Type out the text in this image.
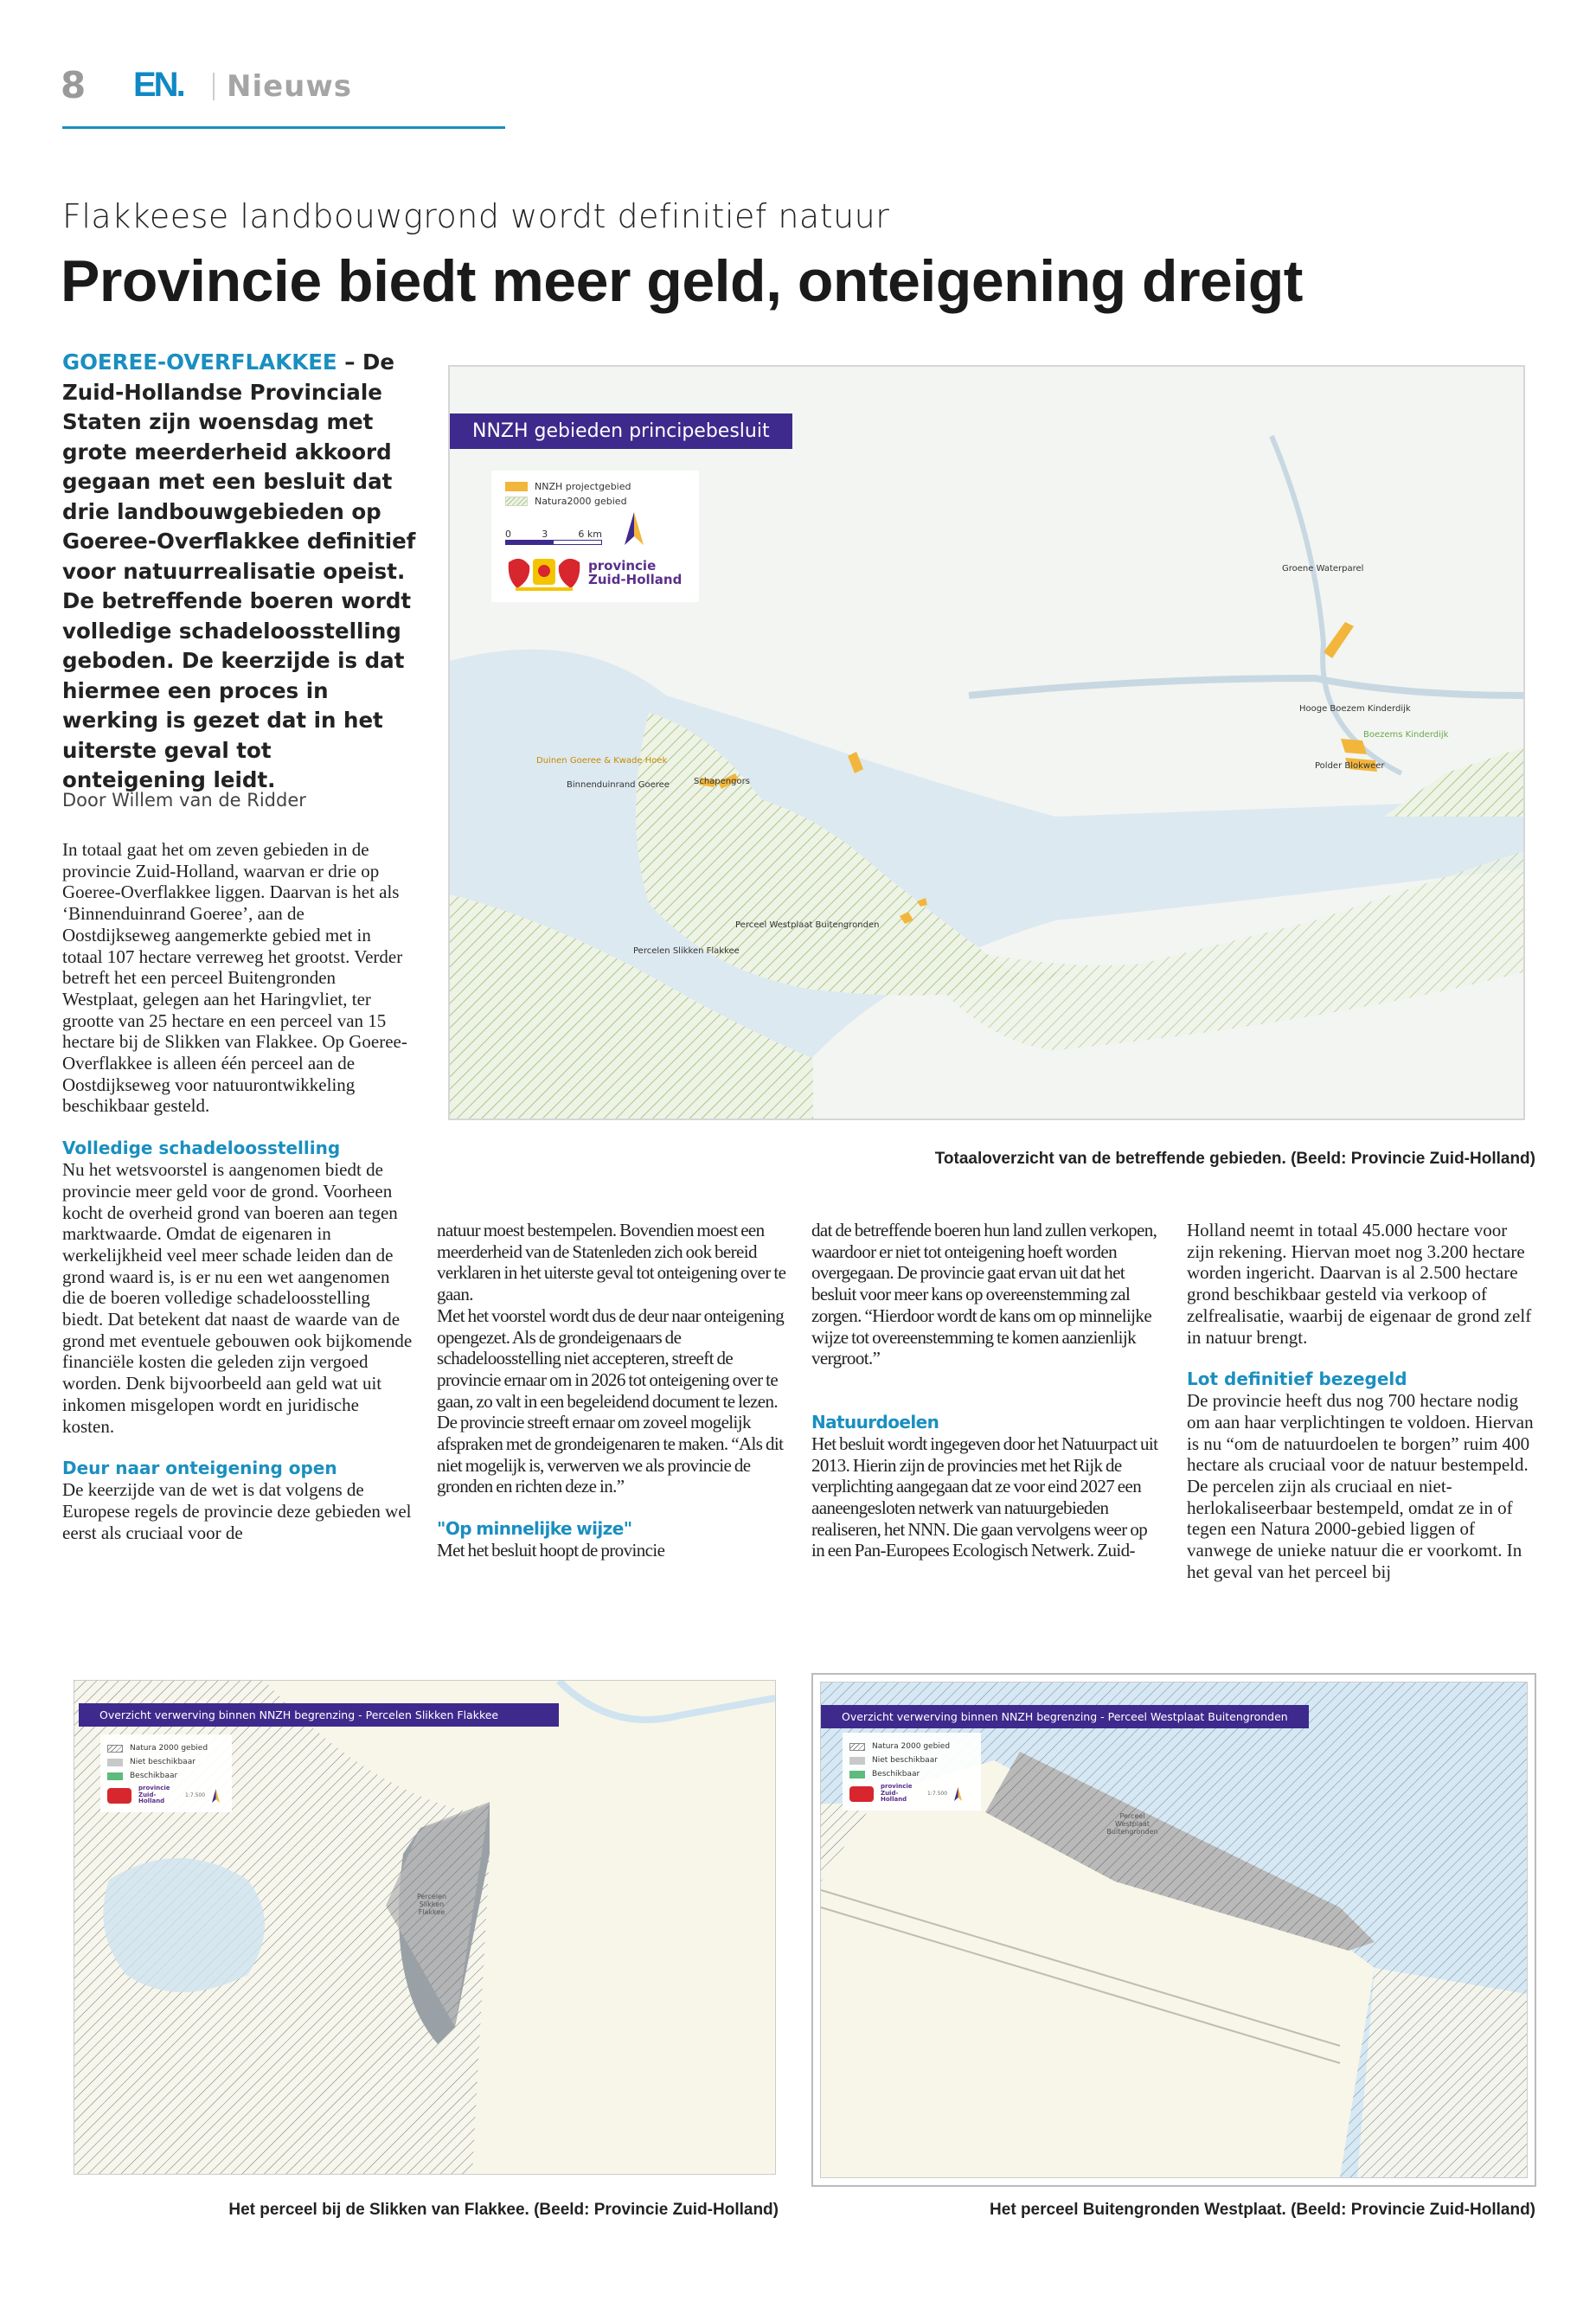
8 EN. Nieuws
Flakkeese landbouwgrond wordt definitief natuur
Provincie biedt meer geld, onteigening dreigt
GOEREE-OVERFLAKKEE – De Zuid-Hollandse Provinciale Staten zijn woensdag met grote meerderheid akkoord gegaan met een besluit dat drie landbouwgebieden op Goeree-Overflakkee definitief voor natuurrealisatie opeist. De betreffende boeren wordt volledige schadeloosstelling geboden. De keerzijde is dat hiermee een proces in werking is gezet dat in het uiterste geval tot onteigening leidt.
Door Willem van de Ridder

In totaal gaat het om zeven gebieden in de provincie Zuid-Holland, waarvan er drie op Goeree-Overflakkee liggen. Daarvan is het als ‘Binnenduinrand Goeree’, aan de Oostdijkseweg aangemerkte gebied met in totaal 107 hectare verreweg het grootst. Verder betreft het een perceel Buitengronden Westplaat, gelegen aan het Haringvliet, ter grootte van 25 hectare en een perceel van 15 hectare bij de Slikken van Flakkee. Op Goeree-Overflakkee is alleen één perceel aan de Oostdijkseweg voor natuurontwikkeling beschikbaar gesteld.

Volledige schadeloosstelling

Nu het wetsvoorstel is aangenomen biedt de provincie meer geld voor de grond. Voorheen kocht de overheid grond van boeren aan tegen marktwaarde. Omdat de eigenaren in werkelijkheid veel meer schade leiden dan de grond waard is, is er nu een wet aangenomen die de boeren volledige schadeloosstelling biedt. Dat betekent dat naast de waarde van de grond met eventuele gebouwen ook bijkomende financiële kosten die geleden zijn vergoed worden. Denk bijvoorbeeld aan geld wat uit inkomen misgelopen wordt en juridische kosten.

Deur naar onteigening open

De keerzijde van de wet is dat volgens de Europese regels de provincie deze gebieden wel eerst als cruciaal voor de

natuur moest bestempelen. Bovendien moest een meerderheid van de Statenleden zich ook bereid verklaren in het uiterste geval tot onteigening over te gaan.

Met het voorstel wordt dus de deur naar onteigening opengezet. Als de grondeigenaars de schadeloosstelling niet accepteren, streeft de provincie ernaar om in 2026 tot onteigening over te gaan, zo valt in een begeleidend document te lezen. De provincie streeft ernaar om zoveel mogelijk afspraken met de grondeigenaren te maken. “Als dit niet mogelijk is, verwerven we als provincie de gronden en richten deze in.”

"Op minnelijke wijze"

Met het besluit hoopt de provincie

dat de betreffende boeren hun land zullen verkopen, waardoor er niet tot onteigening hoeft worden overgegaan. De provincie gaat ervan uit dat het besluit voor meer kans op overeenstemming zal zorgen. “Hierdoor wordt de kans om op minnelijke wijze tot overeenstemming te komen aanzienlijk vergroot.”

Natuurdoelen

Het besluit wordt ingegeven door het Natuurpact uit 2013. Hierin zijn de provincies met het Rijk de verplichting aangegaan dat ze voor eind 2027 een aaneengesloten netwerk van natuurgebieden realiseren, het NNN. Die gaan vervolgens weer op in een Pan-Europees Ecologisch Netwerk. Zuid-

Holland neemt in totaal 45.000 hectare voor zijn rekening. Hiervan moet nog 3.200 hectare worden ingericht. Daarvan is al 2.500 hectare grond beschikbaar gesteld via verkoop of zelfrealisatie, waarbij de eigenaar de grond zelf in natuur brengt.

Lot definitief bezegeld

De provincie heeft dus nog 700 hectare nodig om aan haar verplichtingen te voldoen. Hiervan is nu “om de natuurdoelen te borgen” ruim 400 hectare als cruciaal voor de natuur bestempeld. De percelen zijn als cruciaal en niet-herlokaliseerbaar bestempeld, omdat ze in of tegen een Natura 2000-gebied liggen of vanwege de unieke natuur die er voorkomt. In het geval van het perceel bij

NNZH gebieden principebesluit
NNZH projectgebied
Natura2000 gebied
0	3	6 km
provincie Zuid-Holland
Duinen Goeree & Kwade Hoek
Binnenduinrand Goeree	Schapengors
Perceel Westplaat Buitengronden
Percelen Slikken Flakkee
Groene Waterparel
Hooge Boezem Kinderdijk
Boezems Kinderdijk
Polder Blokweer
Totaaloverzicht van de betreffende gebieden. (Beeld: Provincie Zuid-Holland)
Overzicht verwerving binnen NNZH begrenzing - Percelen Slikken Flakkee
Natura 2000 gebied
Niet beschikbaar
Beschikbaar
provincie Zuid-Holland
1:7.500
Percelen Slikken Flakkee
Het perceel bij de Slikken van Flakkee. (Beeld: Provincie Zuid-Holland)
Overzicht verwerving binnen NNZH begrenzing - Perceel Westplaat Buitengronden
Natura 2000 gebied
Niet beschikbaar
Beschikbaar
provincie Zuid-Holland
1:7.500
Perceel Westplaat Buitengronden
Het perceel Buitengronden Westplaat. (Beeld: Provincie Zuid-Holland)
